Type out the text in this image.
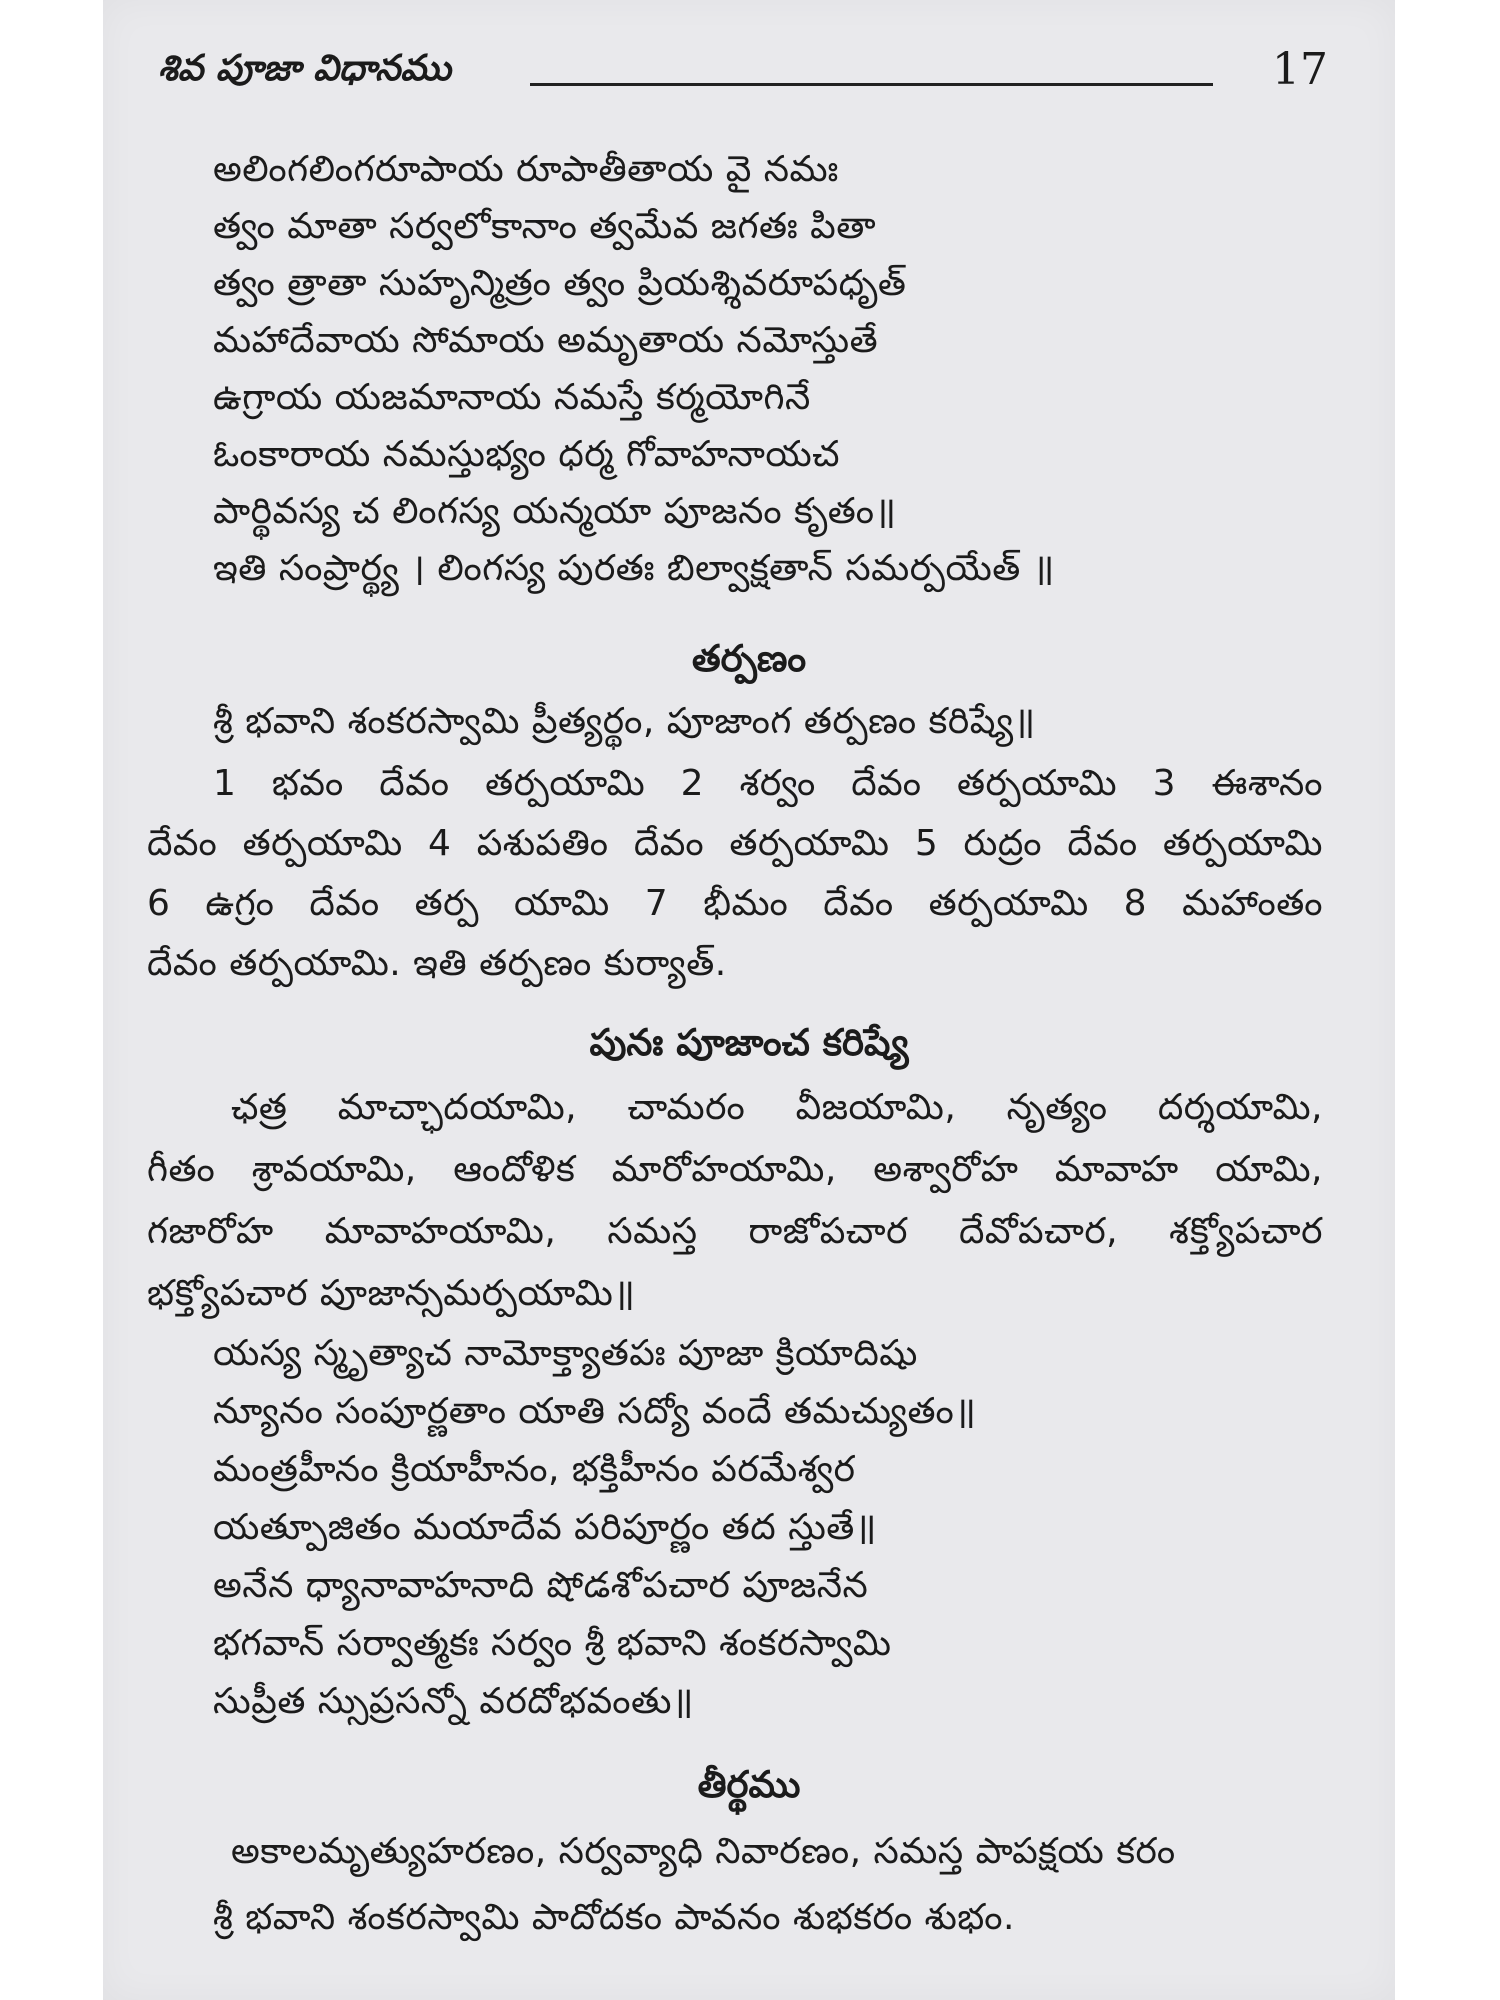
శివ పూజా విధానము	17
అలింగలింగరూపాయ రూపాతీతాయ వై నమః
త్వం మాతా సర్వలోకానాం త్వమేవ జగతః పితా
త్వం త్రాతా సుహృన్మిత్రం త్వం ప్రియశ్శివరూపధృత్
మహాదేవాయ సోమాయ అమృతాయ నమోస్తుతే
ఉగ్రాయ యజమానాయ నమస్తే కర్మయోగినే
ఓంకారాయ నమస్తుభ్యం ధర్మ గోవాహనాయచ
పార్థివస్య చ లింగస్య యన్మయా పూజనం కృతం॥
ఇతి సంప్రార్థ్య । లింగస్య పురతః బిల్వాక్షతాన్ సమర్పయేత్ ॥
తర్పణం
శ్రీ భవాని శంకరస్వామి ప్రీత్యర్థం, పూజాంగ తర్పణం కరిష్యే॥
1 భవం దేవం తర్పయామి 2 శర్వం దేవం తర్పయామి 3 ఈశానం
దేవం తర్పయామి 4 పశుపతిం దేవం తర్పయామి 5 రుద్రం దేవం తర్పయామి
6 ఉగ్రం దేవం తర్ప యామి 7 భీమం దేవం తర్పయామి 8 మహాంతం
దేవం తర్పయామి. ఇతి తర్పణం కుర్యాత్.
పునః పూజాంచ కరిష్యే
ఛత్ర మాచ్ఛాదయామి, చామరం వీజయామి, నృత్యం దర్శయామి,
గీతం శ్రావయామి, ఆందోళిక మారోహయామి, అశ్వారోహ మావాహ యామి,
గజారోహ మావాహయామి, సమస్త రాజోపచార దేవోపచార, శక్త్యోపచార
భక్త్యోపచార పూజాన్సమర్పయామి॥
యస్య స్మృత్యాచ నామోక్త్యాతపః పూజా క్రియాదిషు
న్యూనం సంపూర్ణతాం యాతి సద్యో వందే తమచ్యుతం॥
మంత్రహీనం క్రియాహీనం, భక్తిహీనం పరమేశ్వర
యత్పూజితం మయాదేవ పరిపూర్ణం తద స్తుతే॥
అనేన ధ్యానావాహనాది షోడశోపచార పూజనేన
భగవాన్ సర్వాత్మకః సర్వం శ్రీ భవాని శంకరస్వామి
సుప్రీత స్సుప్రసన్నో వరదోభవంతు॥
తీర్థము
అకాలమృత్యుహరణం, సర్వవ్యాధి నివారణం, సమస్త పాపక్షయ కరం
శ్రీ భవాని శంకరస్వామి పాదోదకం పావనం శుభకరం శుభం.
